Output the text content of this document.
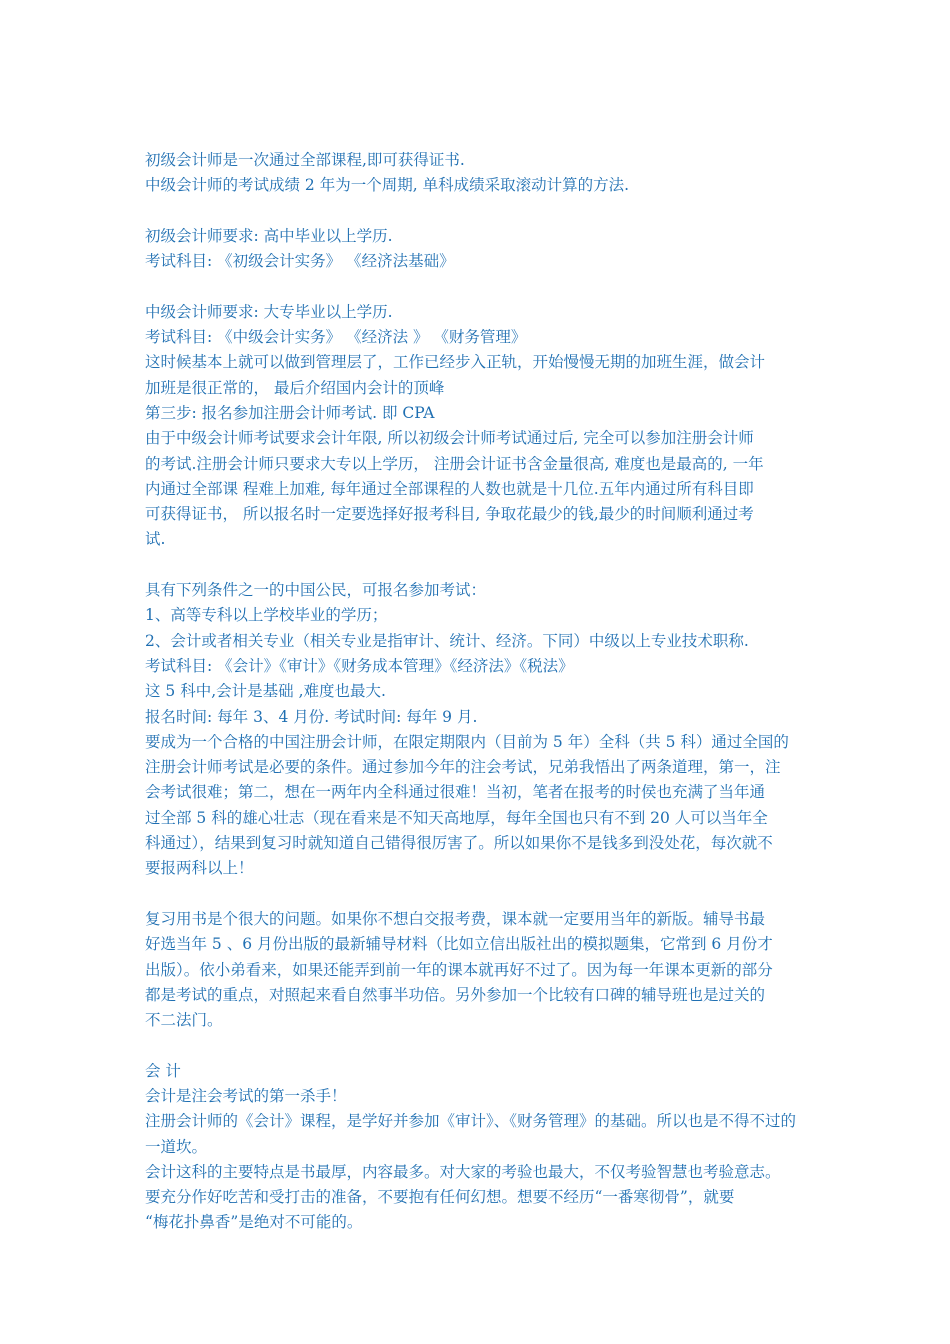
初级会计师是一次通过全部课程,即可获得证书.
中级会计师的考试成绩 2 年为一个周期, 单科成绩采取滚动计算的方法.
初级会计师要求: 高中毕业以上学历.
考试科目: 《初级会计实务》 《经济法基础》
中级会计师要求: 大专毕业以上学历.
考试科目: 《中级会计实务》 《经济法 》 《财务管理》
这时候基本上就可以做到管理层了，工作已经步入正轨，开始慢慢无期的加班生涯，做会计
加班是很正常的， 最后介绍国内会计的顶峰
第三步: 报名参加注册会计师考试. 即 CPA
由于中级会计师考试要求会计年限, 所以初级会计师考试通过后, 完全可以参加注册会计师
的考试.注册会计师只要求大专以上学历， 注册会计证书含金量很高, 难度也是最高的, 一年
内通过全部课 程难上加难, 每年通过全部课程的人数也就是十几位.五年内通过所有科目即
可获得证书， 所以报名时一定要选择好报考科目, 争取花最少的钱,最少的时间顺利通过考
试.
具有下列条件之一的中国公民，可报名参加考试：
1、高等专科以上学校毕业的学历；
2、会计或者相关专业（相关专业是指审计、统计、经济。下同）中级以上专业技术职称.
考试科目: 《会计》《审计》《财务成本管理》《经济法》《税法》
这 5 科中,会计是基础 ,难度也最大.
报名时间: 每年 3、4 月份. 考试时间: 每年 9 月.
要成为一个合格的中国注册会计师，在限定期限内（目前为 5 年）全科（共 5 科）通过全国的
注册会计师考试是必要的条件。通过参加今年的注会考试，兄弟我悟出了两条道理，第一，注
会考试很难；第二，想在一两年内全科通过很难！当初，笔者在报考的时侯也充满了当年通
过全部 5 科的雄心壮志（现在看来是不知天高地厚，每年全国也只有不到 20 人可以当年全
科通过），结果到复习时就知道自己错得很厉害了。所以如果你不是钱多到没处花，每次就不
要报两科以上！
复习用书是个很大的问题。如果你不想白交报考费，课本就一定要用当年的新版。辅导书最
好选当年 5 、6 月份出版的最新辅导材料（比如立信出版社出的模拟题集，它常到 6 月份才
出版）。依小弟看来，如果还能弄到前一年的课本就再好不过了。因为每一年课本更新的部分
都是考试的重点，对照起来看自然事半功倍。另外参加一个比较有口碑的辅导班也是过关的
不二法门。
会 计
会计是注会考试的第一杀手！
注册会计师的《会计》课程，是学好并参加《审计》、《财务管理》的基础。所以也是不得不过的
一道坎。
会计这科的主要特点是书最厚，内容最多。对大家的考验也最大，不仅考验智慧也考验意志。
要充分作好吃苦和受打击的准备，不要抱有任何幻想。想要不经历“一番寒彻骨”，就要
“梅花扑鼻香”是绝对不可能的。
